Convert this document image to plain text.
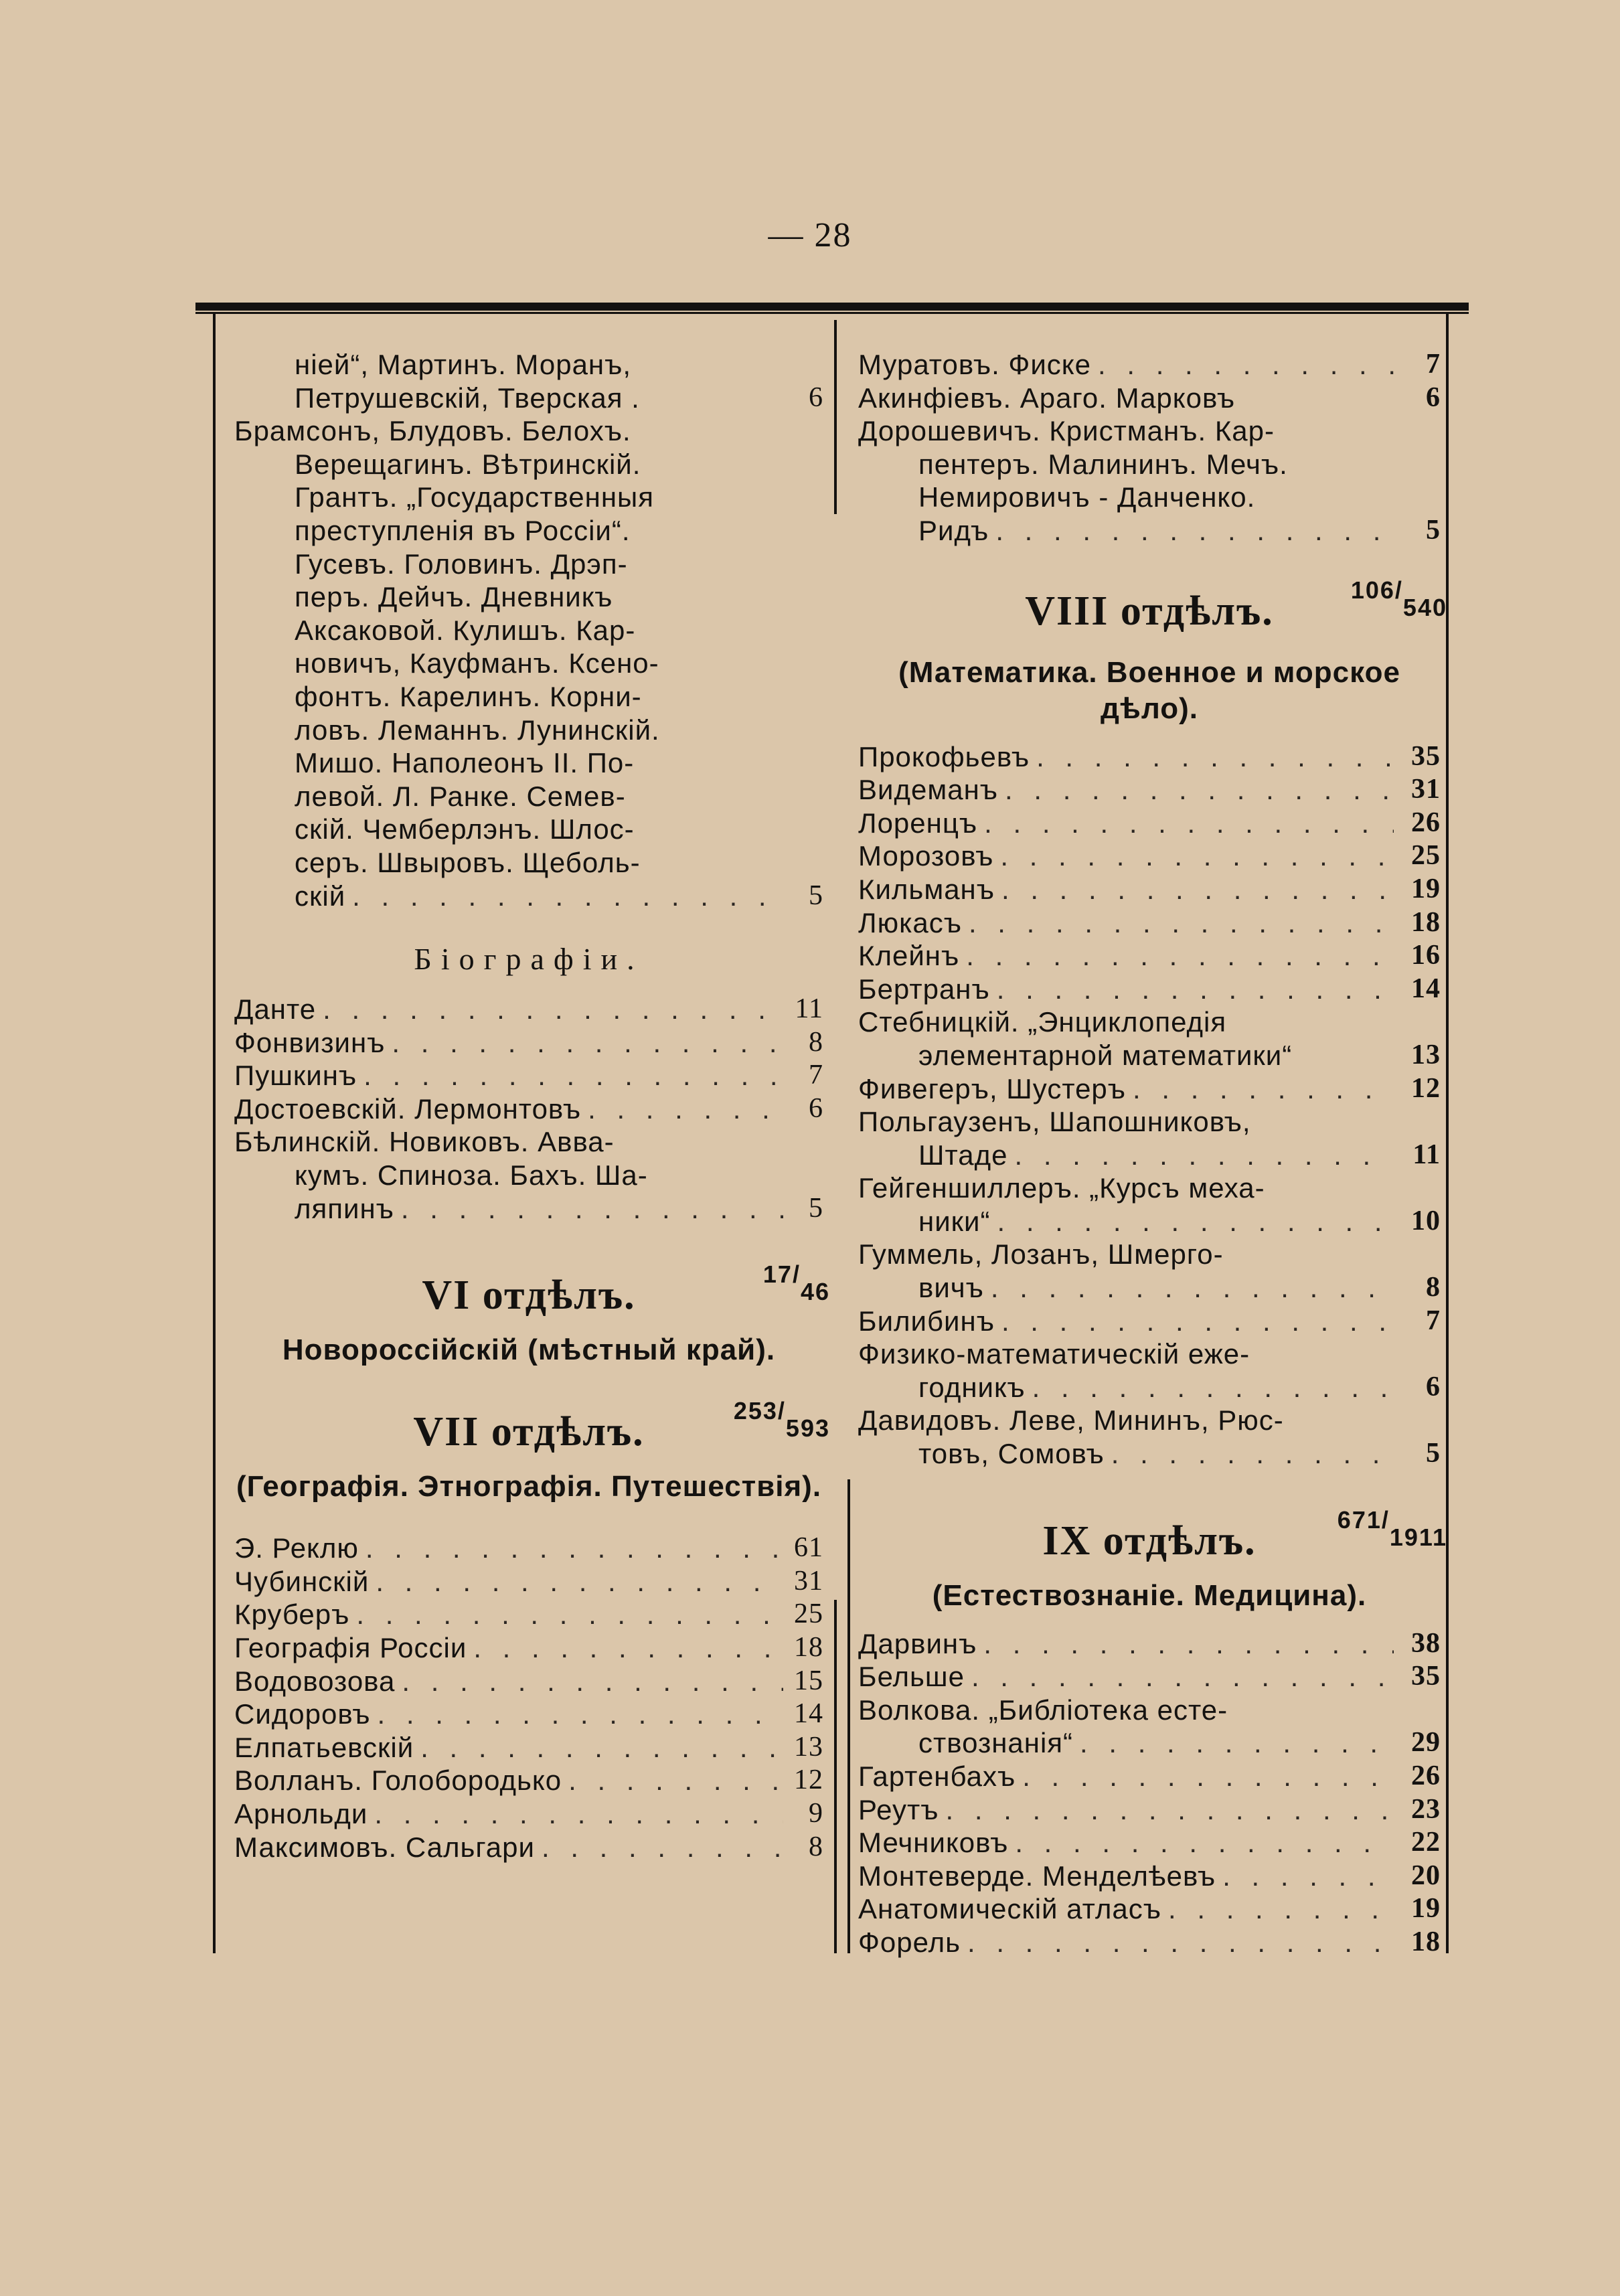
— 28
ніей“, Мартинъ. Моранъ,
Петрушевскій, Тверская .	6
Брамсонъ, Блудовъ. Белохъ.
Верещагинъ. Вѣтринскій.
Грантъ. „Государственныя
преступленія въ Россіи“.
Гусевъ. Головинъ. Дрэп-
перъ. Дейчъ. Дневникъ
Аксаковой. Кулишъ. Кар-
новичъ, Кауфманъ. Ксено-
фонтъ. Карелинъ. Корни-
ловъ. Леманнъ. Лунинскій.
Мишо. Наполеонъ II. По-
левой. Л. Ранке. Семев-
скій. Чемберлэнъ. Шлос-
серъ. Швыровъ. Щеболь-
скій . . .	5
Біографіи.
Данте . . .	11
Фонвизинъ . . .	8
Пушкинъ . . .	7
Достоевскій. Лермонтовъ . . .	6
Бѣлинскій. Новиковъ. Авва-
кумъ. Спиноза. Бахъ. Ша-
ляпинъ . . .	5
VI отдѣлъ.	17/46
Новороссійскій (мѣстный край).
VII отдѣлъ.	253/593
(Географія. Этнографія. Путешествія).
Э. Реклю . . .	61
Чубинскій . . .	31
Круберъ . . .	25
Географія Россіи . . .	18
Водовозова . . .	15
Сидоровъ . . .	14
Елпатьевскій . . .	13
Волланъ. Голобородько . . .	12
Арнольди . . .	9
Максимовъ. Сальгари . . .	8
Муратовъ. Фиске . . .	7
Акинфіевъ. Араго. Марковъ	6
Дорошевичъ. Кристманъ. Кар-
пентеръ. Малининъ. Мечъ.
Немировичъ - Данченко.
Ридъ . . .	5
VIII отдѣлъ.	106/540
(Математика. Военное и морское дѣло).
Прокофьевъ . . .	35
Видеманъ . . .	31
Лоренцъ . . .	26
Морозовъ . . .	25
Кильманъ . . .	19
Люкасъ . . .	18
Клейнъ . . .	16
Бертранъ . . .	14
Стебницкій. „Энциклопедія
элементарной математики“	13
Фивегеръ, Шустеръ . . .	12
Польгаузенъ, Шапошниковъ,
Штаде . . .	11
Гейгеншиллеръ. „Курсъ меха-
ники“ . . .	10
Гуммель, Лозанъ, Шмерго-
вичъ . . .	8
Билибинъ . . .	7
Физико-математическій еже-
годникъ . . .	6
Давидовъ. Леве, Мининъ, Рюс-
товъ, Сомовъ . . .	5
IX отдѣлъ.	671/1911
(Естествознаніе. Медицина).
Дарвинъ . . .	38
Бельше . . .	35
Волкова. „Библіотека есте-
ствознанія“ . . .	29
Гартенбахъ . . .	26
Реутъ . . .	23
Мечниковъ . . .	22
Монтеверде. Менделѣевъ . . .	20
Анатомическій атласъ . . .	19
Форель . . .	18
